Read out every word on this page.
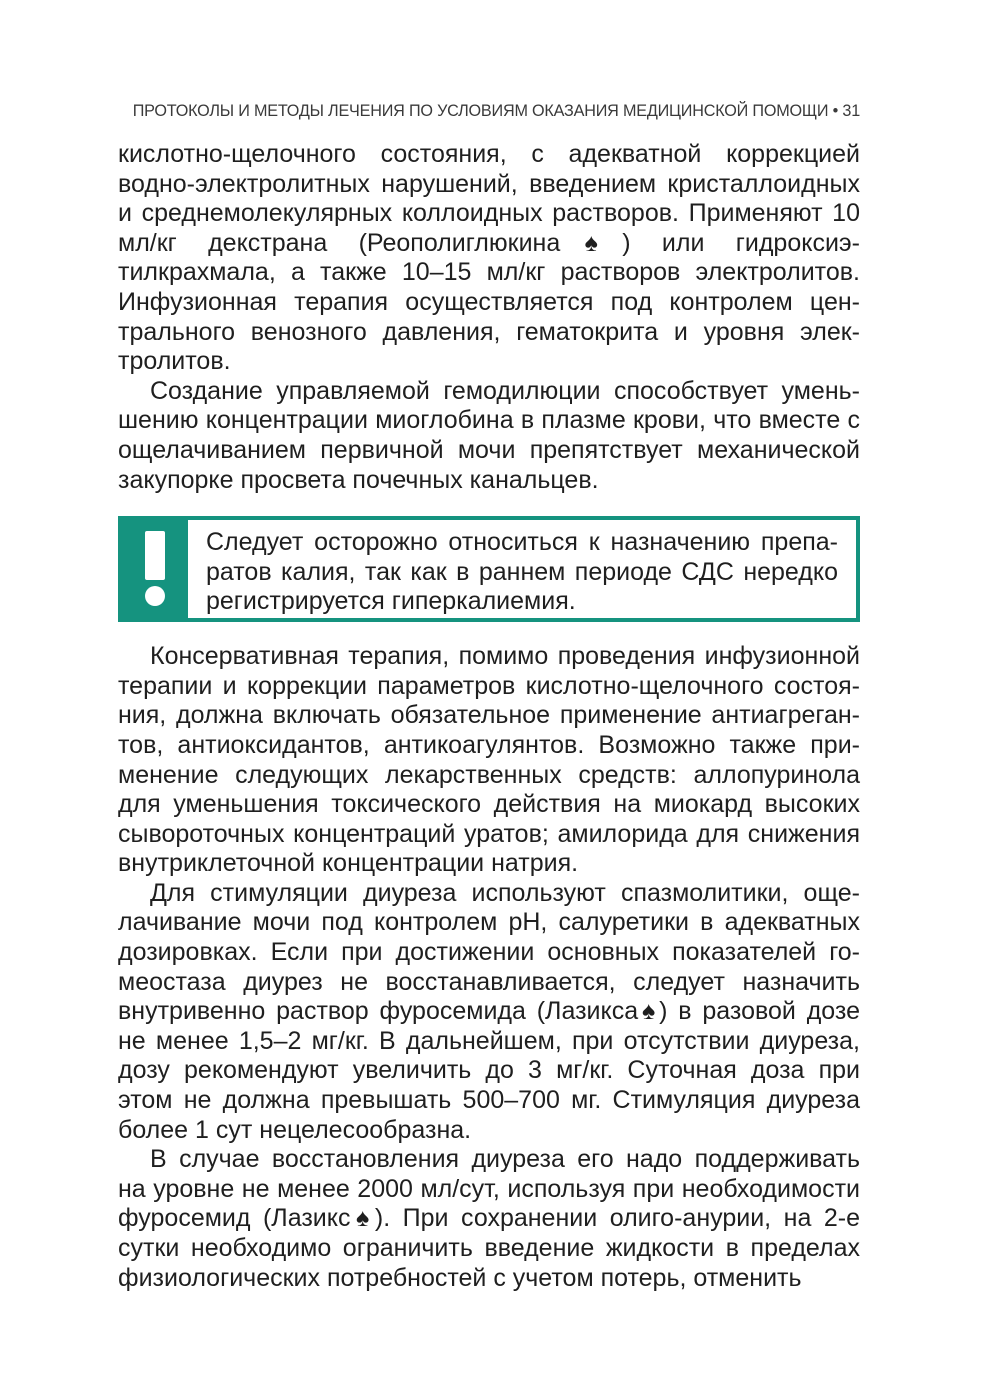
ПРОТОКОЛЫ И МЕТОДЫ ЛЕЧЕНИЯ ПО УСЛОВИЯМ ОКАЗАНИЯ МЕДИЦИНСКОЙ ПОМОЩИ • 31

кислотно-щелочного состояния, с адекватной коррекцией водно-электролитных нарушений, введением кристаллоидных и среднемолекулярных коллоидных растворов. Применяют 10 мл/кг декстрана (Реополиглюкина♠) или гидроксиэтилкрахмала, а также 10–15 мл/кг растворов электролитов. Инфузионная терапия осуществляется под контролем центрального венозного давления, гематокрита и уровня электролитов.

Создание управляемой гемодилюции способствует уменьшению концентрации миоглобина в плазме крови, что вместе с ощелачиванием первичной мочи препятствует механической закупорке просвета почечных канальцев.

Следует осторожно относиться к назначению препаратов калия, так как в раннем периоде СДС нередко регистрируется гиперкалиемия.

Консервативная терапия, помимо проведения инфузионной терапии и коррекции параметров кислотно-щелочного состояния, должна включать обязательное применение антиагрегантов, антиоксидантов, антикоагулянтов. Возможно также применение следующих лекарственных средств: аллопуринола для уменьшения токсического действия на миокард высоких сывороточных концентраций уратов; амилорида для снижения внутриклеточной концентрации натрия.

Для стимуляции диуреза используют спазмолитики, ощелачивание мочи под контролем рН, салуретики в адекватных дозировках. Если при достижении основных показателей гомеостаза диурез не восстанавливается, следует назначить внутривенно раствор фуросемида (Лазикса♠) в разовой дозе не менее 1,5–2 мг/кг. В дальнейшем, при отсутствии диуреза, дозу рекомендуют увеличить до 3 мг/кг. Суточная доза при этом не должна превышать 500–700 мг. Стимуляция диуреза более 1 сут нецелесообразна.

В случае восстановления диуреза его надо поддерживать на уровне не менее 2000 мл/сут, используя при необходимости фуросемид (Лазикс♠). При сохранении олиго-анурии, на 2-е сутки необходимо ограничить введение жидкости в пределах физиологических потребностей с учетом потерь, отменить
